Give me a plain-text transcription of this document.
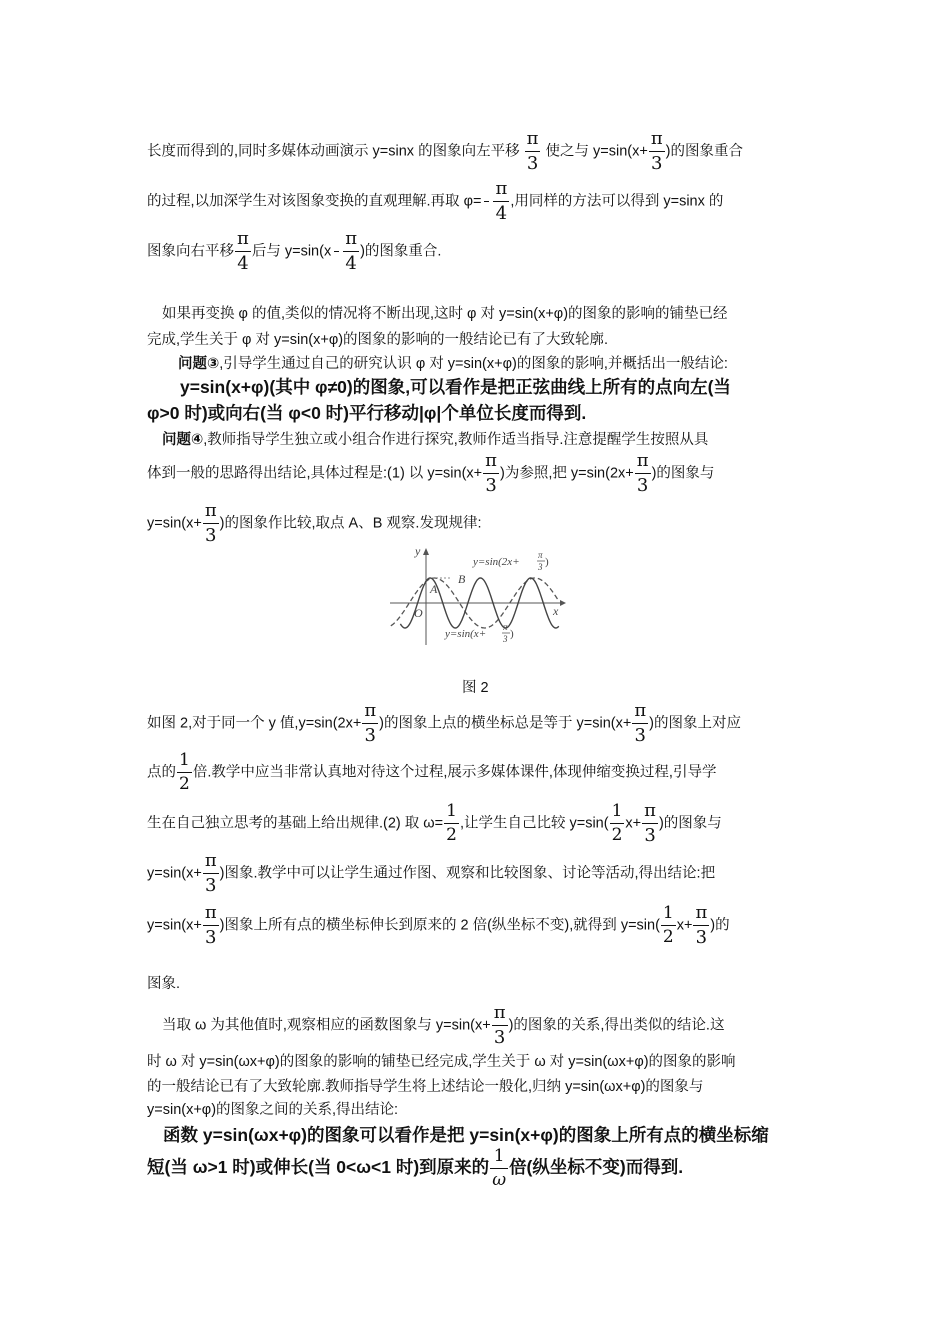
长度而得到的,同时多媒体动画演示 y=sinx 的图象向左平移 $\frac{\pi}{3}$ 使之与 $y=\sin(x+ \frac{\pi}{3}$ )的图象重合
的过程,以加深学生对该图象变换的直观理解.再取 $\varphi= \frac{\pi}{4}$ ,用同样的方法可以得到 y=sinx 的
图象向右平移 $\frac{\pi}{4}$ 后与 $y=\sin(x \frac{\pi}{4}$ )的图象重合.
如果再变换 φ 的值,类似的情况将不断出现,这时 φ 对 y=sin(x+φ)的图象的影响的铺垫已经
完成,学生关于 φ 对 y=sin(x+φ)的图象的影响的一般结论已有了大致轮廓.
问题③,引导学生通过自己的研究认识 φ 对 y=sin(x+φ)的图象的影响,并概括出一般结论:
y=sin(x+φ)(其中 φ≠0)的图象,可以看作是把正弦曲线上所有的点向左(当
φ>0 时)或向右(当 φ<0 时)平行移动|φ|个单位长度而得到.
问题④,教师指导学生独立或小组合作进行探究,教师作适当指导.注意提醒学生按照从具
体到一般的思路得出结论,具体过程是:(1) 以 $y=\sin(x+ \frac{\pi}{3}$ )为参照,把 $y=\sin(2x+ \frac{\pi}{3}$ )的图象与
$y=\sin(x+ \frac{\pi}{3}$ )的图象作比较,取点 A、B 观察.发现规律:
y
x
O
A
B
y=sin(2x+
π
3 )
y=sin(x+
π
3 )
图 2
如图 2,对于同一个 y 值$,y=\sin(2x+ \frac{\pi}{3}$ )的图象上点的横坐标总是等于 $y=\sin(x+ \frac{\pi}{3}$ )的图象上对应
点的 $\frac{1}{2}$ 倍.教学中应当非常认真地对待这个过程,展示多媒体课件,体现伸缩变换过程,引导学
生在自己独立思考的基础上给出规律.(2) 取 $\omega= \frac{1}{2}$ ,让学生自己比较 $y=\sin( \frac{1}{2} x+ \frac{\pi}{3}$ )的图象与
$y=\sin(x+ \frac{\pi}{3}$ )图象.教学中可以让学生通过作图、观察和比较图象、讨论等活动,得出结论:把
$y=\sin(x+ \frac{\pi}{3}$ )图象上所有点的横坐标伸长到原来的 2 倍(纵坐标不变),就得到 $y=\sin( \frac{1}{2} x+ \frac{\pi}{3}$ )的
图象.
当取 ω 为其他值时,观察相应的函数图象与 $y=\sin(x+ \frac{\pi}{3}$ )的图象的关系,得出类似的结论.这
时 ω 对 y=sin(ωx+φ)的图象的影响的铺垫已经完成,学生关于 ω 对 y=sin(ωx+φ)的图象的影响
的一般结论已有了大致轮廓.教师指导学生将上述结论一般化,归纳 y=sin(ωx+φ)的图象与
y=sin(x+φ)的图象之间的关系,得出结论:
函数 y=sin(ωx+φ)的图象可以看作是把 y=sin(x+φ)的图象上所有点的横坐标缩
短(当 ω>1 时)或伸长(当 0<ω<1 时)到原来的 $\frac{1}{\omega}$ 倍(纵坐标不变)而得到.
